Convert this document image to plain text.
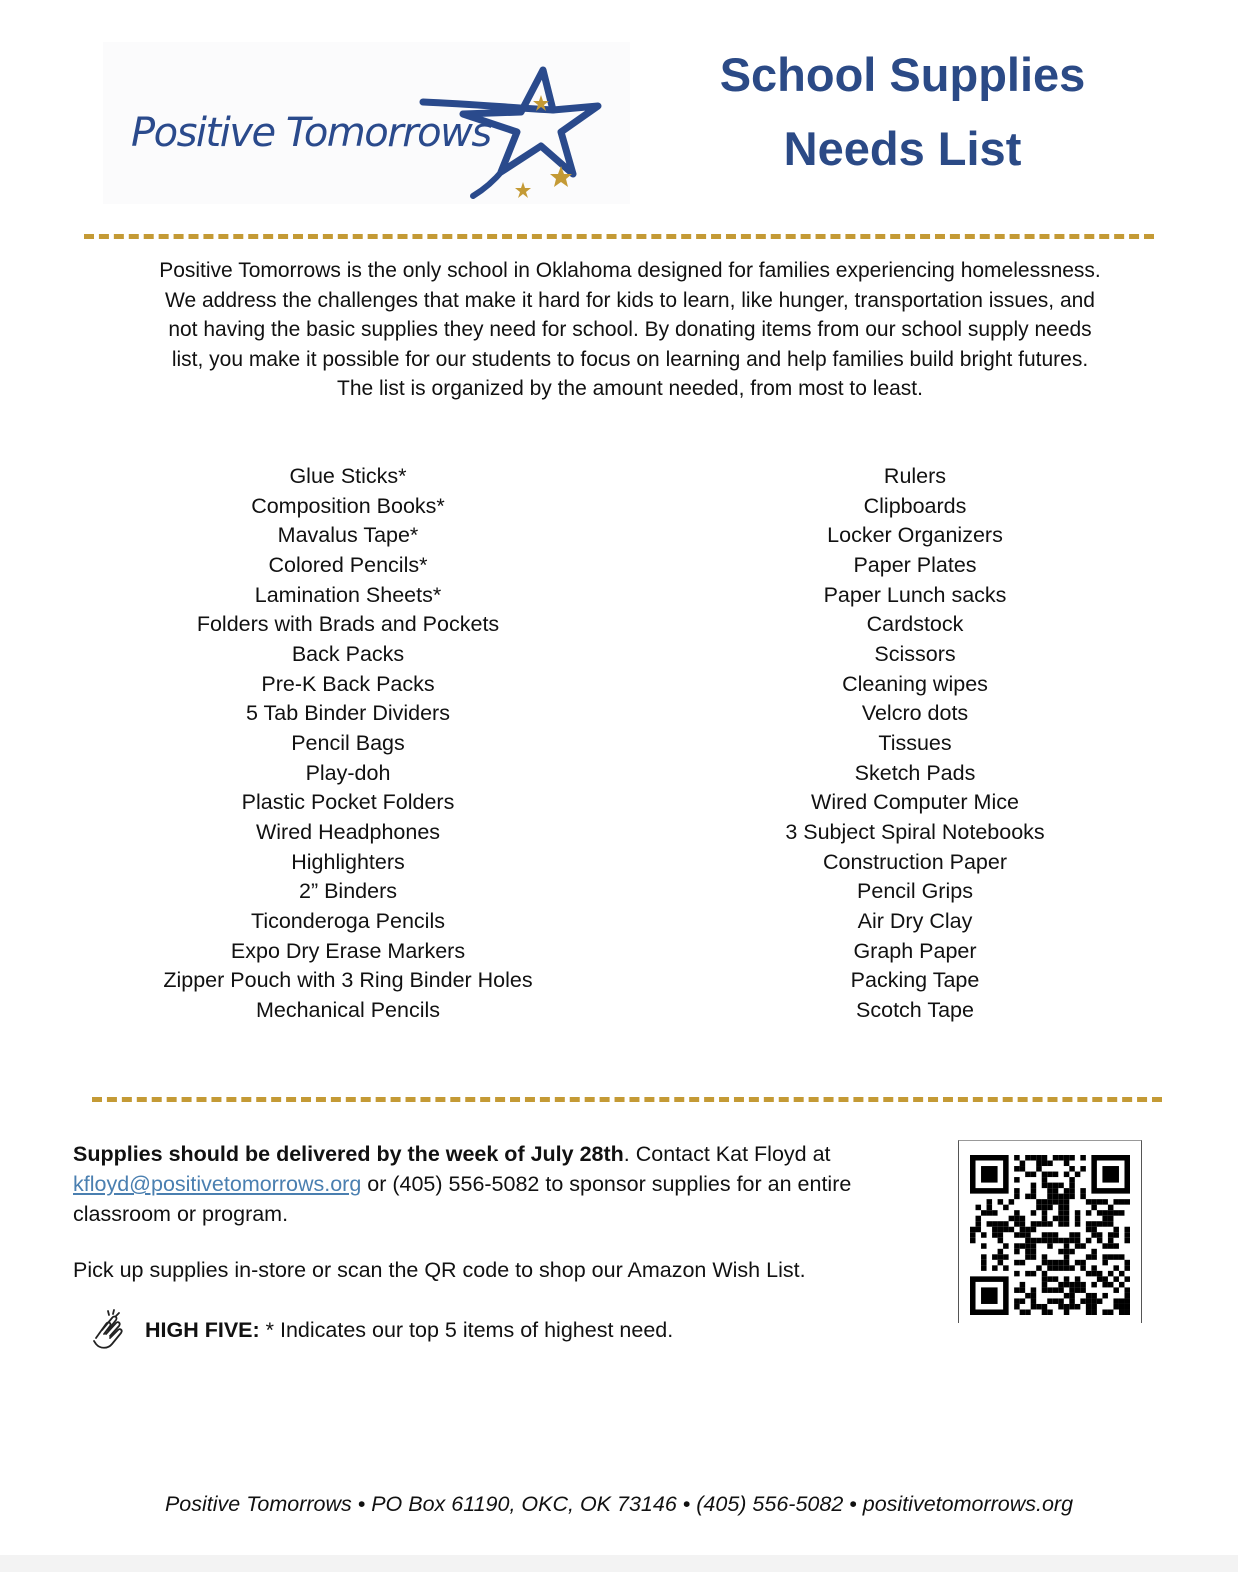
Positive Tomorrows
School Supplies
Needs List
Positive Tomorrows is the only school in Oklahoma designed for families experiencing homelessness.
We address the challenges that make it hard for kids to learn, like hunger, transportation issues, and
not having the basic supplies they need for school. By donating items from our school supply needs
list, you make it possible for our students to focus on learning and help families build bright futures.
The list is organized by the amount needed, from most to least.
Glue Sticks*
Composition Books*
Mavalus Tape*
Colored Pencils*
Lamination Sheets*
Folders with Brads and Pockets
Back Packs
Pre-K Back Packs
5 Tab Binder Dividers
Pencil Bags
Play-doh
Plastic Pocket Folders
Wired Headphones
Highlighters
2” Binders
Ticonderoga Pencils
Expo Dry Erase Markers
Zipper Pouch with 3 Ring Binder Holes
Mechanical Pencils
Rulers
Clipboards
Locker Organizers
Paper Plates
Paper Lunch sacks
Cardstock
Scissors
Cleaning wipes
Velcro dots
Tissues
Sketch Pads
Wired Computer Mice
3 Subject Spiral Notebooks
Construction Paper
Pencil Grips
Air Dry Clay
Graph Paper
Packing Tape
Scotch Tape
Supplies should be delivered by the week of July 28th. Contact Kat Floyd at
kfloyd@positivetomorrows.org or (405) 556-5082 to sponsor supplies for an entire classroom or program.
Pick up supplies in-store or scan the QR code to shop our Amazon Wish List.
HIGH FIVE: * Indicates our top 5 items of highest need.
Positive Tomorrows • PO Box 61190, OKC, OK 73146 • (405) 556-5082 • positivetomorrows.org
